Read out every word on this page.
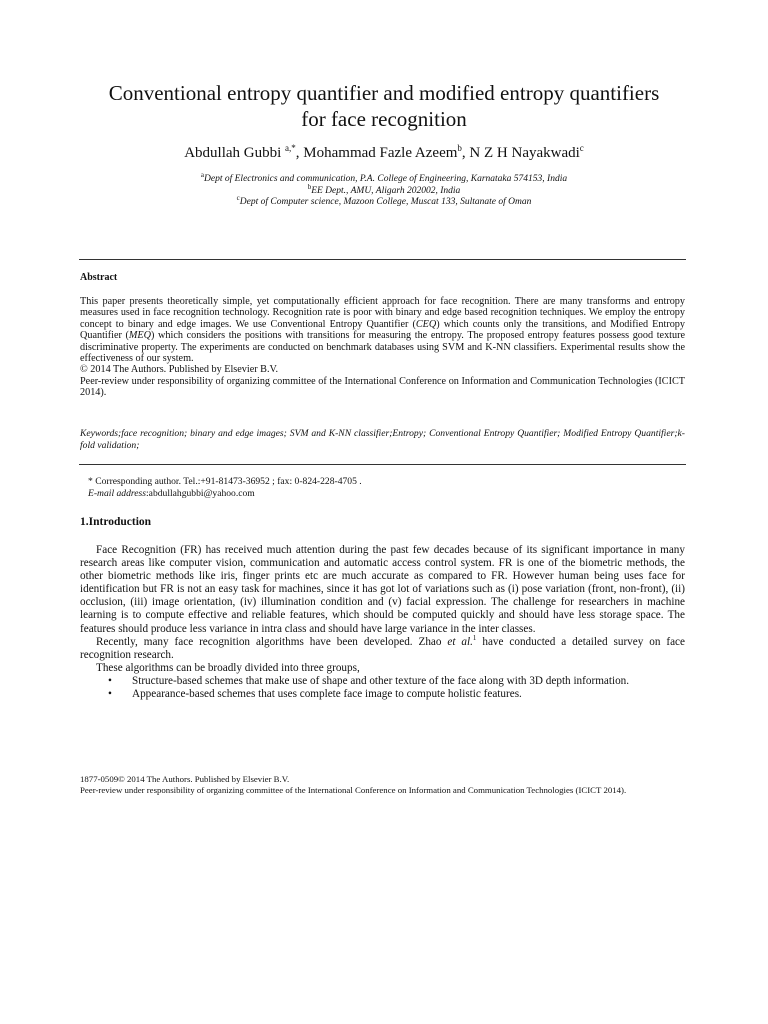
Conventional entropy quantifier and modified entropy quantifiers
for face recognition
Abdullah Gubbi $^{a,*}$, Mohammad Fazle Azeem$^b$, N Z H Nayakwadi$^c$
$^a$Dept of Electronics and communication, P.A. College of Engineering, Karnataka 574153, India
$^b$EE Dept., AMU, Aligarh 202002, India
$^c$Dept of Computer science, Mazoon College, Muscat 133, Sultanate of Oman
Abstract

This paper presents theoretically simple, yet computationally efficient approach for face recognition. There are many transforms and entropy measures used in face recognition technology. Recognition rate is poor with binary and edge based recognition techniques. We employ the entropy concept to binary and edge images. We use Conventional Entropy Quantifier (CEQ) which counts only the transitions, and Modified Entropy Quantifier (MEQ) which considers the positions with transitions for measuring the entropy. The proposed entropy features possess good texture discriminative property. The experiments are conducted on benchmark databases using SVM and K-NN classifiers. Experimental results show the effectiveness of our system.

© 2014 The Authors. Published by Elsevier B.V.

Peer-review under responsibility of organizing committee of the International Conference on Information and Communication Technologies (ICICT 2014).

Keywords;face recognition; binary and edge images; SVM and K-NN classifier;Entropy; Conventional Entropy Quantifier; Modified Entropy Quantifier;k-fold validation;

* Corresponding author. Tel.:+91-81473-36952 ; fax: 0-824-228-4705 .

E-mail address:abdullahgubbi@yahoo.com

1.Introduction

Face Recognition (FR) has received much attention during the past few decades because of its significant importance in many research areas like computer vision, communication and automatic access control system. FR is one of the biometric methods, the other biometric methods like iris, finger prints etc are much accurate as compared to FR. However human being uses face for identification but FR is not an easy task for machines, since it has got lot of variations such as (i) pose variation (front, non-front), (ii) occlusion, (iii) image orientation, (iv) illumination condition and (v) facial expression. The challenge for researchers in machine learning is to compute effective and reliable features, which should be computed quickly and should have less storage space. The features should produce less variance in intra class and should have large variance in the inter classes.

Recently, many face recognition algorithms have been developed. Zhao et al.$^1$ have conducted a detailed survey on face recognition research.

These algorithms can be broadly divided into three groups,

• Structure-based schemes that make use of shape and other texture of the face along with 3D depth information.
• Appearance-based schemes that uses complete face image to compute holistic features.

1877-0509© 2014 The Authors. Published by Elsevier B.V.

Peer-review under responsibility of organizing committee of the International Conference on Information and Communication Technologies (ICICT 2014).
